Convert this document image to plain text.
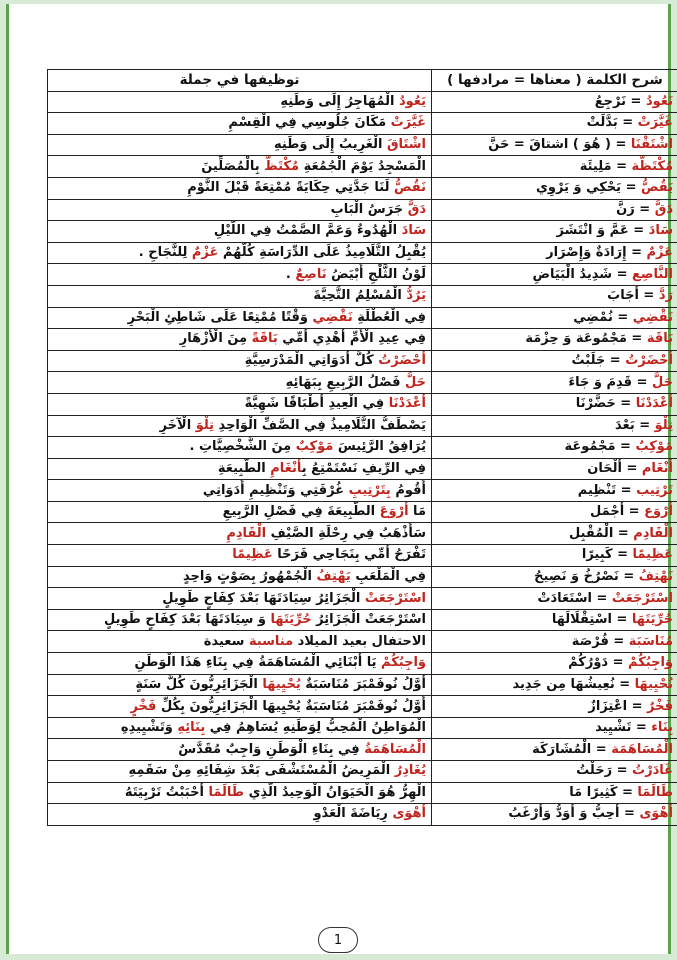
شرح الكلمة ( معناها = مرادفها )	توظيفها في جملة
نَعُودُ = نَرْجِعُ	يَعُودُ الْمُهَاجِرُ إِلَى وَطَنِهِ
غَيَّرَتْ = بَدَّلَتْ	غَيَّرَتْ مَكَانَ جُلُوسِي فِي الْقِسْمِ
اشْتَقْنَا = ( هُوَ ) اشتاقَ = حَنَّ	اشْتَاقَ الْغَرِيبُ إِلَى وَطَنِهِ
مُكْتَظَّة = مَلِيئَة	الْمَسْجِدُ يَوْمَ الْجُمُعَةِ مُكْتَظٌّ بِالْمُصَلِّينَ
يَقُصُّ = يَحْكِي وَ يَرْوِي	نَقُصُّ لَنَا جَدَّتِي حِكَايَةً مُمْتِعَةً قَبْلَ النَّوْمِ
دَقَّ = رَنَّ	دَقَّ جَرَسُ الْبَابِ
سَادَ = عَمَّ وَ انْتَشَرَ	سَادَ الْهُدُوءُ وَعَمَّ الصَّمْتُ فِي اللَّيْلِ
عَزْمٌ = إِرَادَةٌ وَإِصْرَار	يُقْبِلُ التَّلَامِيذُ عَلَى الدِّرَاسَةِ كُلُّهُمْ عَزْمٌ لِلنَّجَاحِ .
النَّاصِع = شَدِيدُ الْبَيَاضِ	لَوْنُ الثَّلْجِ أَبْيَضُ نَاصِعٌ .
رَدَّ = أَجَابَ	يَرُدُّ الْمُسْلِمُ التَّحِيَّةَ
نَقْضِي = نُمْضِي	فِي الْعُطْلَةِ نَقْضِي وَقْتًا مُمْتِعًا عَلَى شَاطِئِ الْبَحْرِ
بَاقَة = مَجْمُوعَة وَ حِزْمَة	فِي عِيدِ الْأُمِّ أَهْدِي أُمِّي بَاقَةً مِنَ الْأَزْهَارِ
أَحْضَرْتُ = جَلَبْتُ	أَحْضَرْتُ كُلَّ أَدَوَاتِي الْمَدْرَسِيَّةِ
حَلَّ = قَدِمَ وَ جَاءَ	حَلَّ فَصْلُ الرَّبِيعِ بِبَهَائِهِ
أَعْدَدْنَا = حَضَّرْنَا	أَعْدَدْنَا فِي الْعِيدِ أَطْبَاقًا شَهِيَّةً
تِلْوَ = بَعْدَ	يَصْطَفُّ التَّلَامِيذُ فِي الصَّفِّ الْوَاحِدِ تِلْوَ الْآخَرِ
مَوْكِبٌ = مَجْمُوعَة	يُرَافِقُ الرَّئِيسَ مَوْكِبٌ مِنَ الشَّخْصِيَّاتِ .
أَنْغَام = أَلْحَان	فِي الرِّيفِ نَسْتَمْتِعُ بِأَنْغَامِ الطَّبِيعَةِ
تَرْتِيب = تَنْظِيم	أَقُومُ بِتَرْتِيبِ غُرْفَتِي وَتَنْظِيمِ أَدَوَاتِي
أَرْوَع = أَجْمَل	مَا أَرْوَعَ الطَّبِيعَةَ فِي فَصْلِ الرَّبِيعِ
الْقَادِم = الْمُقْبِل	سَأَذْهَبُ فِي رِحْلَةِ الصَّيْفِ الْقَادِمِ
عَظِيمًا = كَبِيرًا	تَفْرَحُ أُمِّي بِنَجَاحِي فَرَحًا عَظِيمًا
نَهْتِفُ = نَصْرُخُ وَ نَصِيحُ	فِي الْمَلْعَبِ يَهْتِفُ الْجُمْهُورُ بِصَوْتٍ وَاحِدٍ
اسْتَرْجَعَتْ = اسْتَعَادَتْ	اسْتَرْجَعَتْ الْجَزَائِرُ سِيَادَتَهَا بَعْدَ كِفَاحٍ طَوِيلٍ
حُرِّيَتَهَا = اسْتِقْلَالَهَا	اسْتَرْجَعَتْ الْجَزَائِرُ حُرِّيَتَهَا وَ سِيَادَتَهَا بَعْدَ كِفَاحٍ طَوِيلٍ
مُنَاسَبَة = فُرْصَة	الاحتفال بعيد الميلاد مناسبة سعيدة
وَاجِبُكُمْ = دَوْرُكُمْ	وَاجِبُكُمْ يَا أَبْنَائِي الْمُسَاهَمَةُ فِي بِنَاءِ هَذَا الْوَطَنِ
نُحْيِيهَا = نُعِيشُهَا مِن جَدِيد	أَوَّلُ نُوفَمْبَرَ مُنَاسَبَةٌ يُحْيِيهَا الْجَزَائِرِيُّونَ كُلَّ سَنَةٍ
فَخْرٌ = اعْتِزَازٌ	أَوَّلُ نُوفَمْبَرَ مُنَاسَبَةٌ يُحْيِيهَا الْجَزَائِرِيُّونَ بِكُلِّ فَخْرٍ
بِنَاء = تَشْيِيد	الْمُوَاطِنُ الْمُحِبُّ لِوَطَنِهِ يُسَاهِمُ فِي بِنَائِهِ وَتَشْيِيدِهِ
الْمُسَاهَمَة = الْمُشَارَكَة	الْمُسَاهَمَةُ فِي بِنَاءِ الْوَطَنِ وَاجِبٌ مُقَدَّسٌ
غَادَرْتُ = رَحَلْتُ	يُغَادِرُ الْمَرِيضُ الْمُسْتَشْفَى بَعْدَ شِفَائِهِ مِنْ سَقَمِهِ
طَالَمَا = كَثِيرًا مَا	الْهِرُّ هُوَ الْحَيَوَانُ الْوَحِيدُ الَّذِي طَالَمَا أَحْبَبْتُ تَرْبِيَتَهُ
أَهْوَى = أُحِبُّ وَ أَوَدُّ وَأَرْغَبُ	أَهْوَى رِيَاضَةَ الْعَدْوِ
1
